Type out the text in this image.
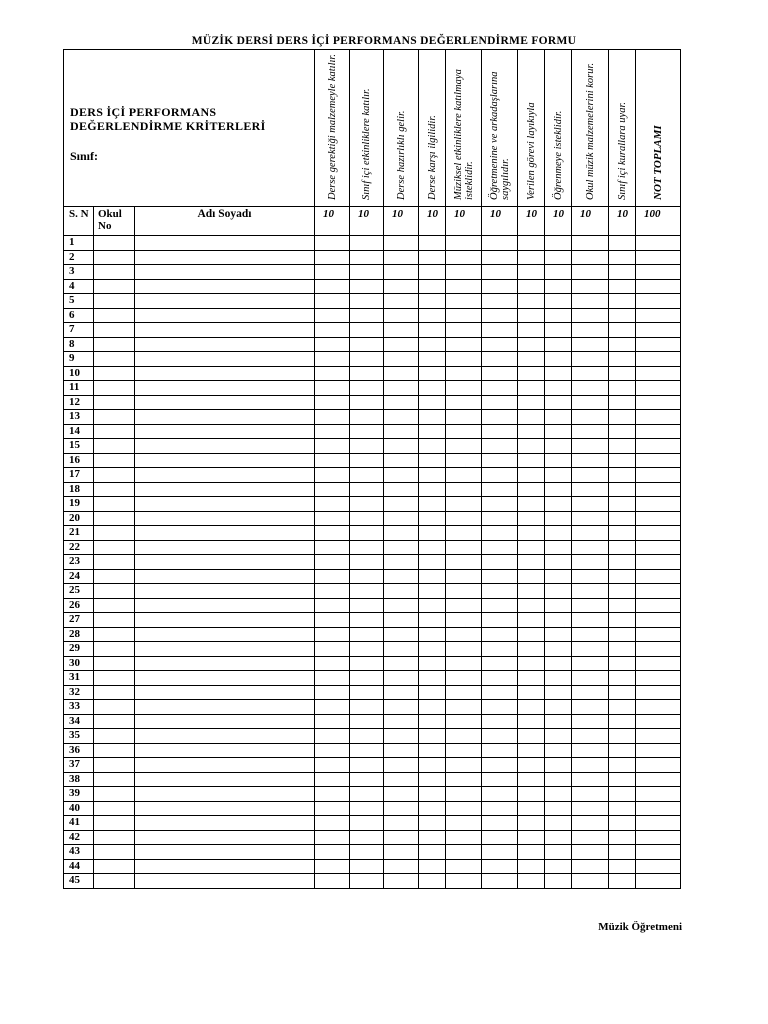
MÜZİK DERSİ DERS İÇİ PERFORMANS DEĞERLENDİRME FORMU
DERS İÇİ PERFORMANS
DEĞERLENDİRME KRİTERLERİ
Sınıf:			Derse gerektiği malzemeyle katılır.	Sınıf içi etkinliklere katılır.	Derse hazırlıklı gelir.	Derse karşı ilgilidir.	Müziksel etkinliklere katılmaya isteklidir.	Öğretmenine ve arkadaşlarına saygılıdır.	Verilen görevi layıkıyla	Öğrenmeye isteklidir.	Okul müzik malzemelerini korur.	Sınıf içi kurallara uyar.	NOT TOPLAMI

S. N	Okul No	Adı Soyadı	10	10	10	10	10	10	10	10	10	10	100
1													
2													
3													
4													
5													
6													
7													
8													
9													
10													
11													
12													
13													
14													
15													
16													
17													
18													
19													
20													
21													
22													
23													
24													
25													
26													
27													
28													
29													
30													
31													
32													
33													
34													
35													
36													
37													
38													
39													
40													
41													
42													
43													
44													
45													
Müzik Öğretmeni
